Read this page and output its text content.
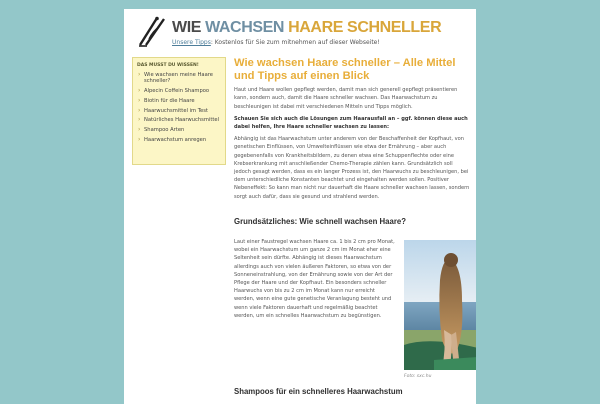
WIE WACHSEN HAARE SCHNELLER
Unsere Tipps: Kostenlos für Sie zum mitnehmen auf dieser Webseite!
DAS MUSST DU WISSEN!
› Wie wachsen meine Haare schneller?
› Alpecin Coffein Shampoo
› Biotin für die Haare
› Haarwuchsmittel im Test
› Natürliches Haarwuchsmittel
› Shampoo Arten
› Haarwachstum anregen
Wie wachsen Haare schneller – Alle Mittel und Tipps auf einen Blick

Haut und Haare wollen gepflegt werden, damit man sich generell gepflegt präsentieren kann, sondern auch, damit die Haare schneller wachsen. Das Haarwachstum zu beschleunigen ist dabei mit verschiedenen Mitteln und Tipps möglich.

Schauen Sie sich auch die Lösungen zum Haarausfall an – ggf. können diese auch dabei helfen, Ihre Haare schneller wachsen zu lassen:

Abhängig ist das Haarwachstum unter anderem von der Beschaffenheit der Kopfhaut, von genetischen Einflüssen, von Umwelteinflüssen wie etwa der Ernährung – aber auch gegebenenfalls von Krankheitsbildern, zu denen etwa eine Schuppenflechte oder eine Krebserkrankung mit anschließender Chemo-Therapie zählen kann. Grundsätzlich soll jedoch gesagt werden, dass es ein langer Prozess ist, den Haarwuchs zu beschleunigen, bei dem unterschiedliche Konstanten beachtet und eingehalten werden sollen. Positiver Nebeneffekt: So kann man nicht nur dauerhaft die Haare schneller wachsen lassen, sondern sorgt auch dafür, dass sie gesund und strahlend werden.

Grundsätzliches: Wie schnell wachsen Haare?

Laut einer Faustregel wachsen Haare ca. 1 bis 2 cm pro Monat, wobei ein Haarwachstum um ganze 2 cm im Monat eher eine Seltenheit sein dürfte. Abhängig ist dieses Haarwachstum allerdings auch von vielen äußeren Faktoren, so etwa von der Sonneneinstrahlung, von der Ernährung sowie von der Art der Pflege der Haare und der Kopfhaut. Ein besonders schneller Haarwuchs von bis zu 2 cm im Monat kann nur erreicht werden, wenn eine gute genetische Veranlagung besteht und wenn viele Faktoren dauerhaft und regelmäßig beachtet werden, um ein schnelles Haarwachstum zu begünstigen.

Foto: sxc.hu
Shampoos für ein schnelleres Haarwachstum
